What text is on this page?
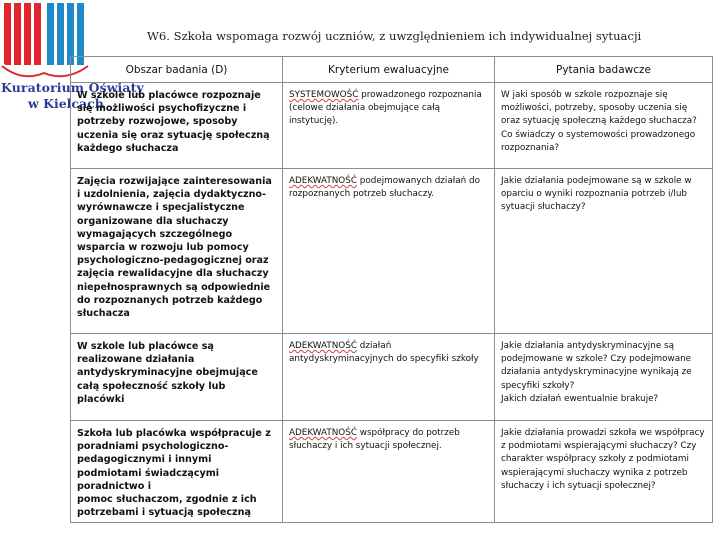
Kuratorium Oświaty
w Kielcach
W6. Szkoła wspomaga rozwój uczniów, z uwzględnieniem ich indywidualnej sytuacji
Obszar badania (D)	Kryterium ewaluacyjne	Pytania badawcze
W szkole lub placówce rozpoznaje się możliwości psychofizyczne i potrzeby rozwojowe, sposoby uczenia się oraz sytuację społeczną każdego słuchacza	SYSTEMOWOŚĆ prowadzonego rozpoznania (celowe działania obejmujące całą instytucję).	W jaki sposób w szkole rozpoznaje się możliwości, potrzeby, sposoby uczenia się oraz sytuację społeczną każdego słuchacza? Co świadczy o systemowości prowadzonego rozpoznania?
Zajęcia rozwijające zainteresowania i uzdolnienia, zajęcia dydaktyczno-wyrównawcze i specjalistyczne organizowane dla słuchaczy wymagających szczególnego wsparcia w rozwoju lub pomocy psychologiczno-pedagogicznej oraz zajęcia rewalidacyjne dla słuchaczy niepełnosprawnych są odpowiednie do rozpoznanych potrzeb każdego słuchacza	ADEKWATNOŚĆ podejmowanych działań do rozpoznanych potrzeb słuchaczy.	Jakie działania podejmowane są w szkole w oparciu o wyniki rozpoznania potrzeb i/lub sytuacji słuchaczy?
W szkole lub placówce są realizowane działania antydyskryminacyjne obejmujące całą społeczność szkoły lub placówki	ADEKWATNOŚĆ działań antydyskryminacyjnych do specyfiki szkoły	Jakie działania antydyskryminacyjne są podejmowane w szkole? Czy podejmowane działania antydyskryminacyjne wynikają ze specyfiki szkoły?
Jakich działań ewentualnie brakuje?
Szkoła lub placówka współpracuje z poradniami psychologiczno-pedagogicznymi i innymi podmiotami świadczącymi poradnictwo i
pomoc słuchaczom, zgodnie z ich potrzebami i sytuacją społeczną	ADEKWATNOŚĆ współpracy do potrzeb słuchaczy i ich sytuacji społecznej.	Jakie działania prowadzi szkoła we współpracy z podmiotami wspierającymi słuchaczy? Czy charakter współpracy szkoły z podmiotami wspierającymi słuchaczy wynika z potrzeb słuchaczy i ich sytuacji społecznej?
